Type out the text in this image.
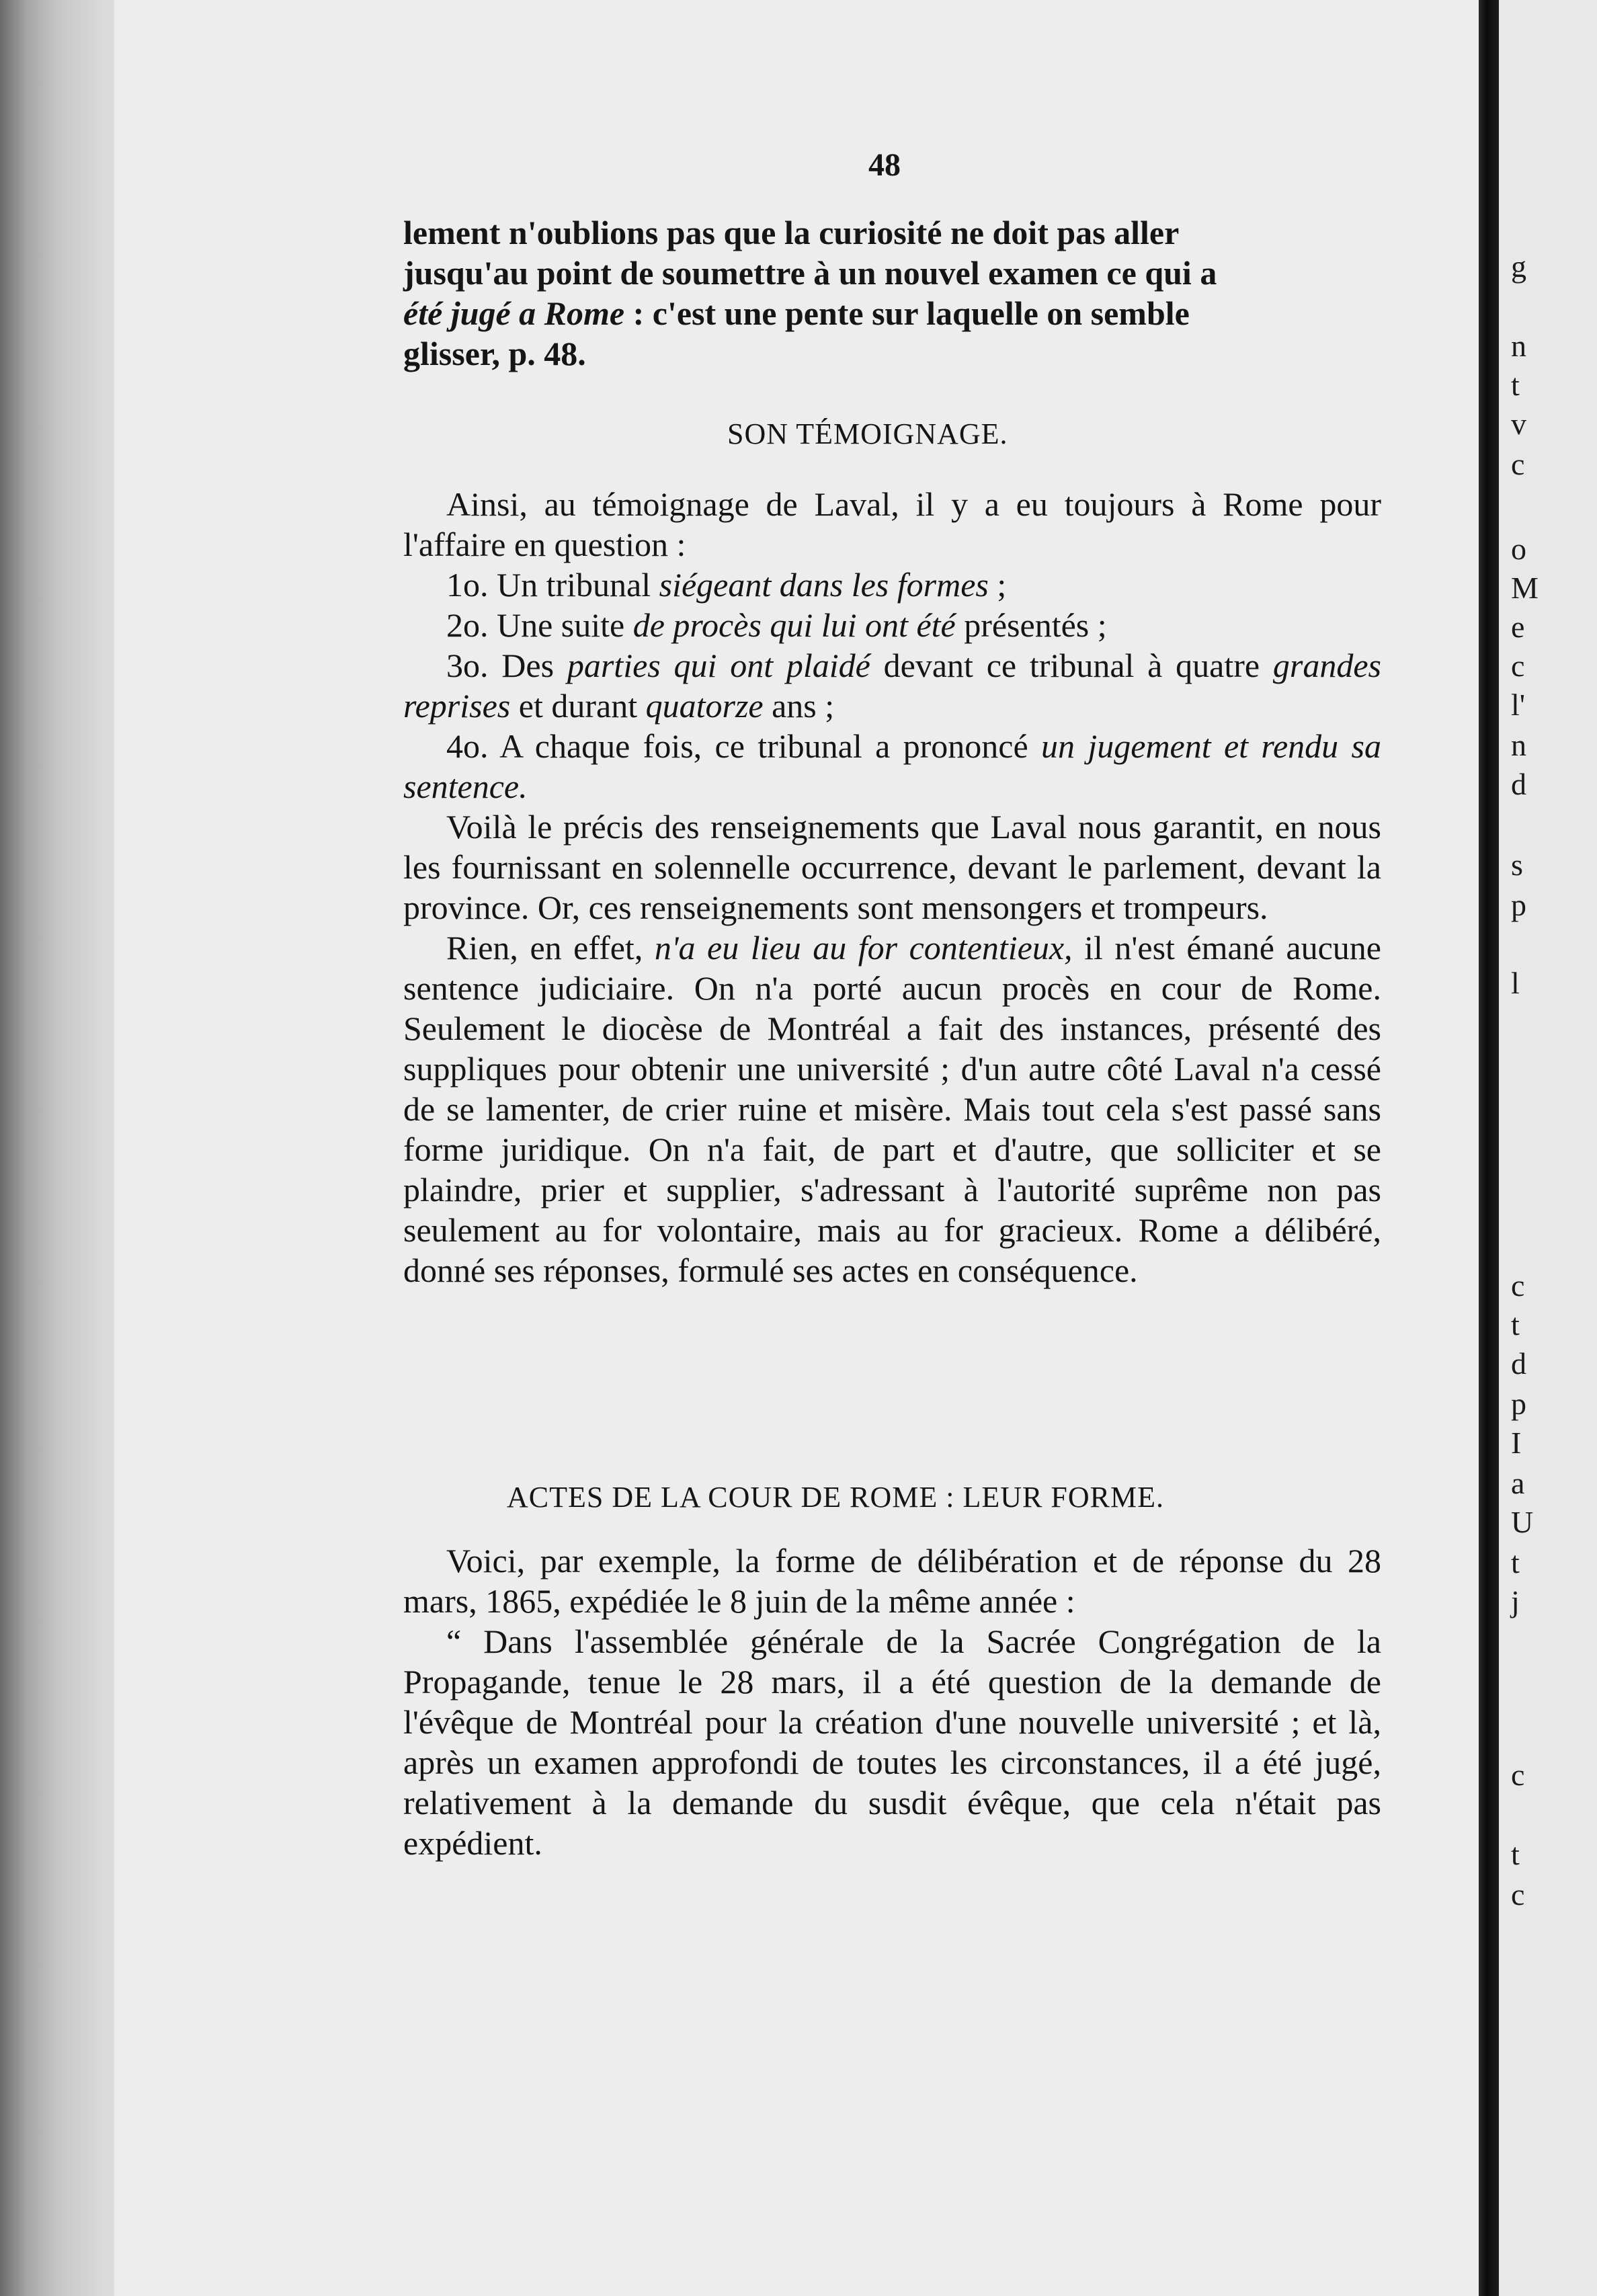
g
n
t
v
c
o
M
e
c
l'
n
d
s
p
l
c
t
d
p
I
a
U
t
j
c
t
c
48

lement n'oublions pas que la curiosité ne doit pas aller

jusqu'au point de soumettre à un nouvel examen ce qui a

été jugé a Rome : c'est une pente sur laquelle on semble

glisser, p. 48.

SON TÉMOIGNAGE.

Ainsi, au témoignage de Laval, il y a eu toujours à Rome pour l'affaire en question :

1o. Un tribunal siégeant dans les formes ;

2o. Une suite de procès qui lui ont été présentés ;

3o. Des parties qui ont plaidé devant ce tribunal à quatre grandes reprises et durant quatorze ans ;

4o. A chaque fois, ce tribunal a prononcé un jugement et rendu sa sentence.

Voilà le précis des renseignements que Laval nous garantit, en nous les fournissant en solennelle occurrence, devant le parlement, devant la province. Or, ces renseignements sont mensongers et trompeurs.

Rien, en effet, n'a eu lieu au for contentieux, il n'est émané aucune sentence judiciaire. On n'a porté aucun procès en cour de Rome. Seulement le diocèse de Montréal a fait des instances, présenté des suppliques pour obtenir une université ; d'un autre côté Laval n'a cessé de se lamenter, de crier ruine et misère. Mais tout cela s'est passé sans forme juridique. On n'a fait, de part et d'autre, que solliciter et se plaindre, prier et supplier, s'adressant à l'autorité suprême non pas seulement au for volontaire, mais au for gracieux. Rome a délibéré, donné ses réponses, formulé ses actes en conséquence.

ACTES DE LA COUR DE ROME : LEUR FORME.

Voici, par exemple, la forme de délibération et de réponse du 28 mars, 1865, expédiée le 8 juin de la même année :

“ Dans l'assemblée générale de la Sacrée Congrégation de la Propagande, tenue le 28 mars, il a été question de la demande de l'évêque de Montréal pour la création d'une nouvelle université ; et là, après un examen approfondi de toutes les circonstances, il a été jugé, relativement à la demande du susdit évêque, que cela n'était pas expédient.
